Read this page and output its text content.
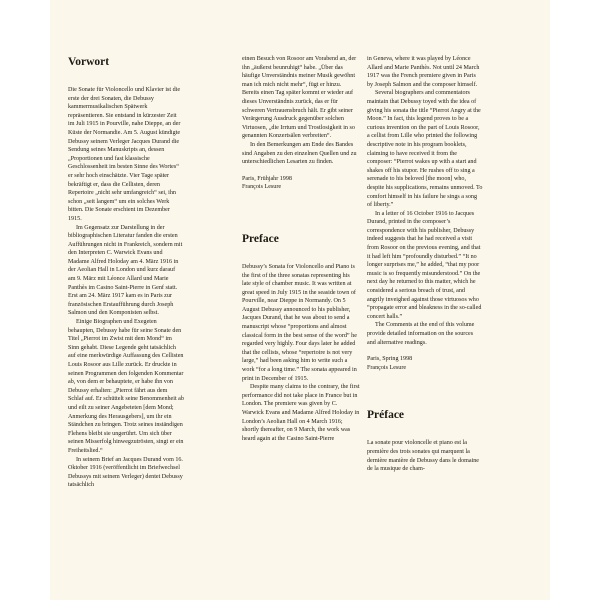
Vorwort

Die Sonate für Violoncello und Klavier ist die erste der drei Sonaten, die Debussy kammermusikalischen Spätwerk repräsentieren. Sie entstand in kürzester Zeit im Juli 1915 in Pourville, nahe Dieppe, an der Küste der Normandie. Am 5. August kündigte Debussy seinem Verleger Jacques Durand die Sendung seines Manuskripts an, dessen „Proportionen und fast klassische Geschlossenheit im besten Sinne des Wortes“ er sehr hoch einschätzte. Vier Tage später bekräftigt er, dass die Cellisten, deren Repertoire „nicht sehr umfangreich“ sei, ihn schon „seit langem“ um ein solches Werk bitten. Die Sonate erschient im Dezember 1915.

Im Gegensatz zur Darstellung in der bibliographischen Literatur fanden die ersten Aufführungen nicht in Frankreich, sondern mit den Interpreten C. Warwick Evans und Madame Alfred Holoday am 4. März 1916 in der Aeolian Hall in London und kurz darauf am 9. März mit Léonce Allard und Marie Panthès im Casino Saint-Pierre in Genf statt. Erst am 24. März 1917 kam es in Paris zur französischen Erstaufführung durch Joseph Salmon und den Komponisten selbst.

Einige Biographen und Exegeten behaupten, Debussy habe für seine Sonate den Titel „Pierrot im Zwist mit dem Mond“ im Sinn gehabt. Diese Legende geht tatsächlich auf eine merkwürdige Auffassung des Cellisten Louis Rosoor aus Lille zurück. Er druckte in seinen Programmen den folgenden Kommentar ab, von dem er behauptete, er habe ihn von Debussy erhalten: „Pierrot fährt aus dem Schlaf auf. Er schüttelt seine Benommenheit ab und eilt zu seiner Angebeteten [dem Mond; Anmerkung des Herausgebers], um ihr ein Ständchen zu bringen. Trotz seines inständigen Flehens bleibt sie ungerührt. Um sich über seinen Misserfolg hinwegzutrösten, singt er ein Freiheitslied.“

In seinem Brief an Jacques Durand vom 16. Oktober 1916 (veröffentlicht im Briefwechsel Debussys mit seinem Verleger) dentet Debussy tatsächlich

einen Besuch von Rosoor am Vorabend an, der ihn „äußerst beunruhigt“ habe. „Über das häufige Unverständnis meiner Musik gewöhnt man ich mich nicht mehr“, fügt er hinzu. Bereits einen Tag später kommt er wieder auf dieses Unverständnis zurück, das er für schweren Vertrauensbruch hält. Er gibt seiner Verärgerung Ausdruck gegenüber solchen Virtuosen, „die Irrtum und Trostlosigkeit in so genannten Konzertsälen verbreiten“.

In den Bemerkungen am Ende des Bandes sind Angaben zu den einzelnen Quellen und zu unterschiedlichen Lesarten zu finden.

Paris, Frühjahr 1998

François Lesure

Preface

Debussy’s Sonata for Violoncello and Piano is the first of the three sonatas representing his late style of chamber music. It was written at great speed in July 1915 in the seaside town of Pourville, near Dieppe in Normandy. On 5 August Debussy announced to his publisher, Jacques Durand, that he was about to send a manuscript whose “proportions and almost classical form in the best sense of the word” he regarded very highly. Four days later he added that the cellists, whose “repertoire is not very large,” had been asking him to write such a work “for a long time.” The sonata appeared in print in December of 1915.

Despite many claims to the contrary, the first performance did not take place in France but in London. The premiere was given by C. Warwick Evans and Madame Alfred Holoday in London’s Aeolian Hall on 4 March 1916; shortly thereafter, on 9 March, the work was heard again at the Casino Saint-Pierre

in Geneva, where it was played by Léonce Allard and Marie Panthès. Not until 24 March 1917 was the French premiere given in Paris by Joseph Salmon and the composer himself.

Several biographers and commentators maintain that Debussy toyed with the idea of giving his sonata the title “Pierrot Angry at the Moon.” In fact, this legend proves to be a curious invention on the part of Louis Rosoor, a cellist from Lille who printed the following descriptive note in his program booklets, claiming to have received it from the composer: “Pierrot wakes up with a start and shakes off his stupor. He rushes off to sing a serenade to his beloved [the moon] who, despite his supplications, remains unmoved. To comfort himself in his failure he sings a song of liberty.”

In a letter of 16 October 1916 to Jacques Durand, printed in the composer’s correspondence with his publisher, Debussy indeed suggests that he had received a visit from Rosoor on the previous evening, and that it had left him “profoundly disturbed.” “It no longer surprises me,” he added, “that my poor music is so frequently misunderstood.” On the next day he returned to this matter, which he considered a serious breach of trust, and angrily inveighed against those virtuosos who “propagate error and bleakness in the so-called concert halls.”

The Comments at the end of this volume provide detailed information on the sources and alternative readings.

Paris, Spring 1998

François Lesure

Préface

La sonate pour violoncelle et piano est la première des trois sonates qui marquent la dernière manière de Debussy dans le domaine de la musique de cham-
